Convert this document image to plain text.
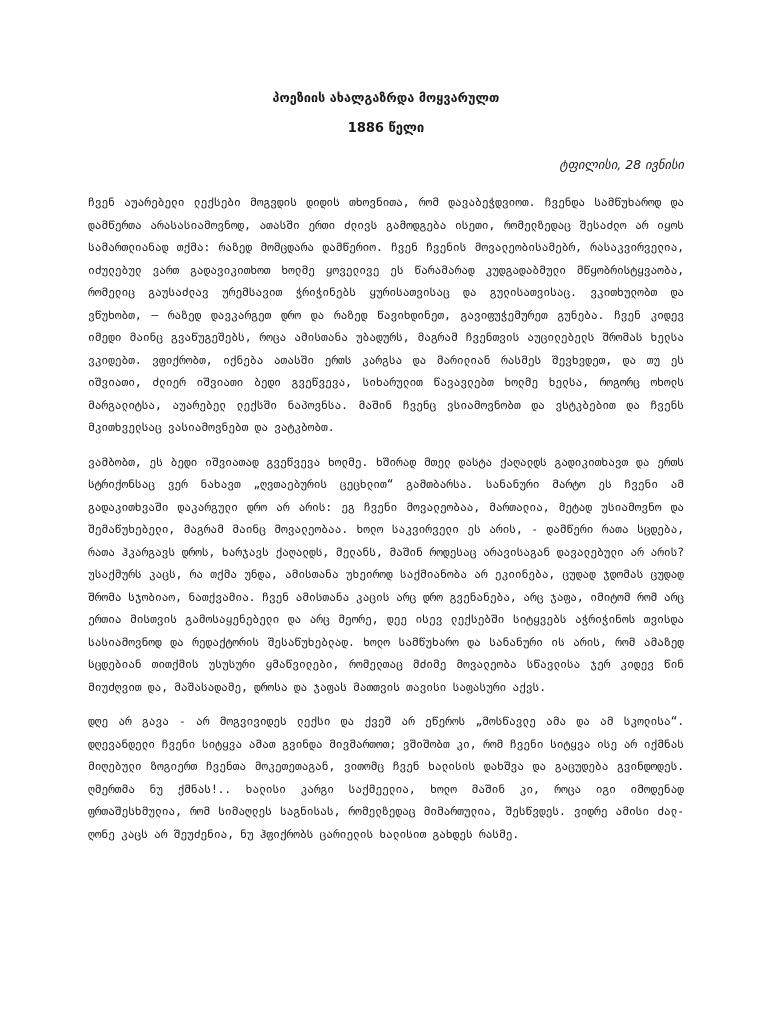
პოეზიის ახალგაზრდა მოყვარულთ
1886 წელი
ტფილისი, 28 ივნისი

ჩვენ აუარებელი ლექსები მოგვდის დიდის თხოვნითა, რომ დავაბეჭდვიოთ. ჩვენდა სამწუხაროდ და დამწერთა არასასიამოვნოდ, ათასში ერთი ძლივს გამოდგება ისეთი, რომელზედაც შესაძლო არ იყოს სამართლიანად თქმა: რაზედ მომცდარა დამწერიო. ჩვენ ჩვენის მოვალეობისამებრ, რასაკვირველია, იძულებულ ვართ გადავიკითხოთ ხოლმე ყოველივე ეს წარამარად კუდგადაბმული მწყობრისტყვაობა, რომელიც გაუსაძლავ ურემსავით ჭრიჭინებს ყურისათვისაც და გულისათვისაც. ვკითხულობთ და ვწუხობთ, — რაზედ დავკარგეთ დრო და რაზედ წავიხდინეთ, გავიფუჭემურეთ გუნება. ჩვენ კიდევ იმედი მაინც გვაწუგეშებს, როცა ამისთანა უბადურს, მაგრამ ჩვენთვის აუცილებელს შრომას ხელსა ვკიდებთ. ვფიქრობთ, იქნება ათასში ერთს კარგსა და მარილიან რასმეს შევხვდეთ, და თუ ეს იშვიათი, ძლიერ იშვიათი ბედი გვეწვევა, სიხარულით წავავლებთ ხოლმე ხელსა, როგორც ოხოლს მარგალიტსა, აუარებელ ლექსში ნაპოვნსა. მაშინ ჩვენც ვსიამოვნობთ და ვსტკბებით და ჩვენს მკითხველსაც ვასიამოვნებთ და ვატკბობთ.

ვამბობთ, ეს ბედი იშვიათად გვეწვევა ხოლმე. ხშირად მთელ დასტა ქაღალდს გადიკითხავთ და ერთს სტრიქონსაც ვერ ნახავთ „ღვთაებურის ცეცხლით“ გამთბარსა. სანანური მარტო ეს ჩვენი ამ გადაკითხვაში დაკარგული დრო არ არის: ეგ ჩვენი მოვალეობაა, მართალია, მეტად უსიამოვნო და შემაწუხებელი, მაგრამ მაინც მოვალეობაა. ხოლო საკვირველი ეს არის, - დამწერი რათა სცდება, რათა ჰკარგავს დროს, ხარჯავს ქაღალდს, მელანს, მაშინ როდესაც არავისაგან დავალებული არ არის? უსაქმურს კაცს, რა თქმა უნდა, ამისთანა უხეიროდ საქმიანობა არ ეკიინება, ცუდად ჯდომას ცუდად შრომა სჯობიაო, ნათქვამია. ჩვენ ამისთანა კაცის არც დრო გვენანება, არც ჯაფა, იმიტომ რომ არც ერთია მისთვის გამოსაყენებელი და არც მეორე, დეე ისევ ლექსებში სიტყვებს აჭრიჭინოს თვისდა სასიამოვნოდ და რედაქტორის შესაწუხებლად. ხოლო სამწუხარო და სანანური ის არის, რომ ამაზედ სცდებიან თითქმის უსუსური ყმაწვილები, რომელთაც მძიმე მოვალეობა სწავლისა ჯერ კიდევ წინ მიუძღვით და, მაშასადამე, დროსა და ჯაფას მათთვის თავისი საფასური აქვს.

დღე არ გავა - არ მოგვივიდეს ლექსი და ქვეშ არ ეწეროს „მოსწავლე ამა და ამ სკოლისა“. დღევანდელი ჩვენი სიტყვა ამათ გვინდა მივმართოთ; ვშიშობთ კი, რომ ჩვენი სიტყვა ისე არ იქმნას მიღებული ზოგიერთ ჩვენთა მოკეთეთაგან, ვითომც ჩვენ ხალისის დახშვა და გაცუდება გვინდოდეს. ღმერთმა ნუ ქმნას!.. ხალისი კარგი საქმეელია, ხოლო მაშინ კი, როცა იგი იმოდენად ფრთაშესხმულია, რომ სიმაღლეს საგნისას, რომელზედაც მიმართულია, შესწვდეს. ვიდრე ამისი ძალ-ღონე კაცს არ შეუძენია, ნუ ჰფიქრობს ცარიელის ხალისით გახდეს რასმე.
